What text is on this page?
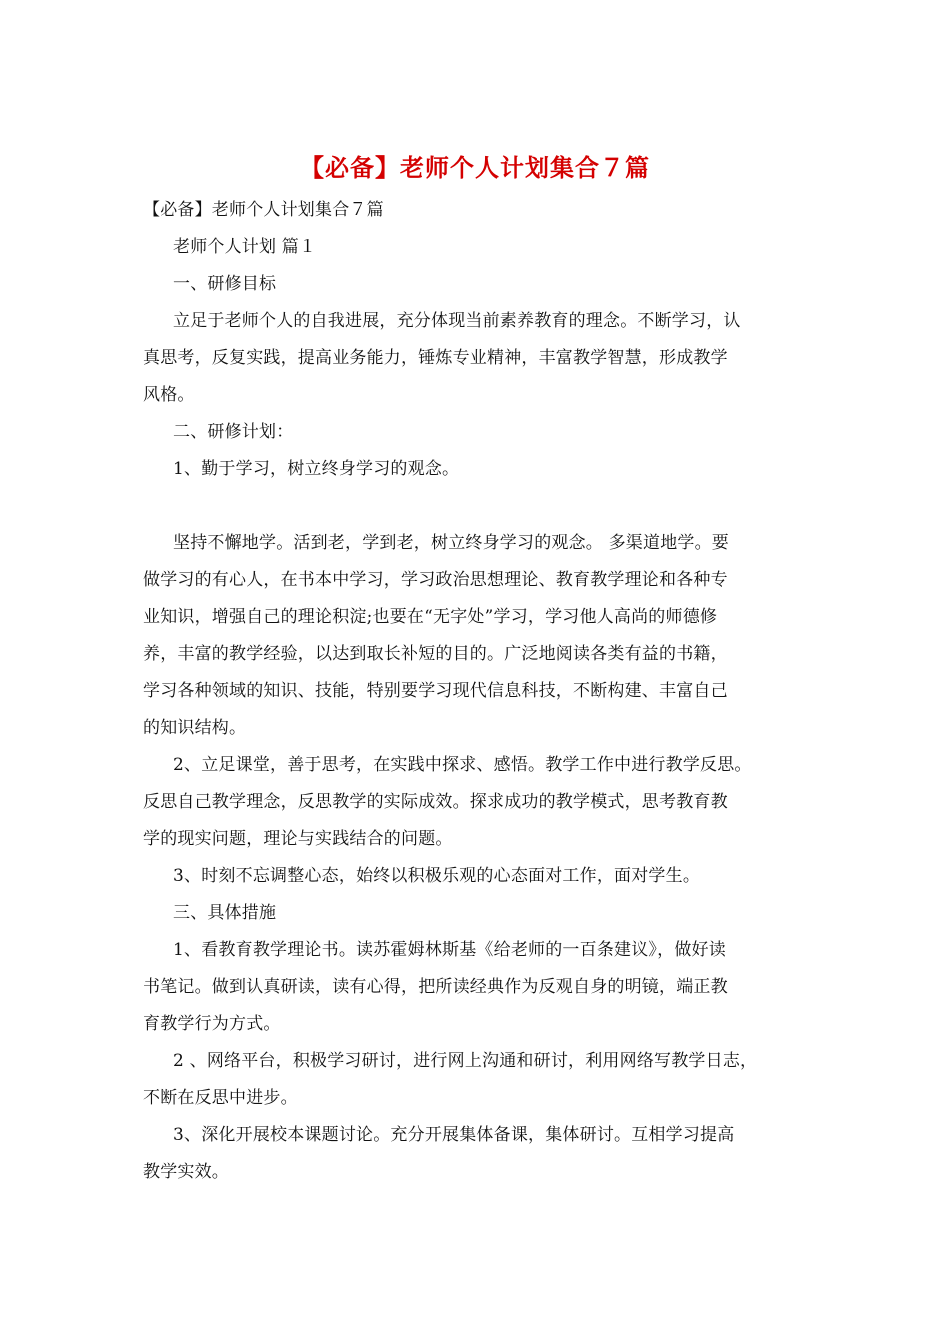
【必备】老师个人计划集合７篇

【必备】老师个人计划集合７篇

老师个人计划 篇１

一、研修目标

立足于老师个人的自我进展，充分体现当前素养教育的理念。不断学习，认

真思考，反复实践，提高业务能力，锤炼专业精神，丰富教学智慧，形成教学

风格。

二、研修计划：

1、勤于学习，树立终身学习的观念。

坚持不懈地学。活到老，学到老，树立终身学习的观念。 多渠道地学。要

做学习的有心人，在书本中学习，学习政治思想理论、教育教学理论和各种专

业知识，增强自己的理论积淀;也要在“无字处”学习，学习他人高尚的师德修

养，丰富的教学经验，以达到取长补短的目的。广泛地阅读各类有益的书籍，

学习各种领域的知识、技能，特别要学习现代信息科技，不断构建、丰富自己

的知识结构。

2、立足课堂，善于思考，在实践中探求、感悟。教学工作中进行教学反思。

反思自己教学理念，反思教学的实际成效。探求成功的教学模式，思考教育教

学的现实问题，理论与实践结合的问题。

3、时刻不忘调整心态，始终以积极乐观的心态面对工作，面对学生。

三、具体措施

1、看教育教学理论书。读苏霍姆林斯基《给老师的一百条建议》，做好读

书笔记。做到认真研读，读有心得，把所读经典作为反观自身的明镜，端正教

育教学行为方式。

2 、网络平台，积极学习研讨，进行网上沟通和研讨，利用网络写教学日志，

不断在反思中进步。

3、深化开展校本课题讨论。充分开展集体备课，集体研讨。互相学习提高

教学实效。
